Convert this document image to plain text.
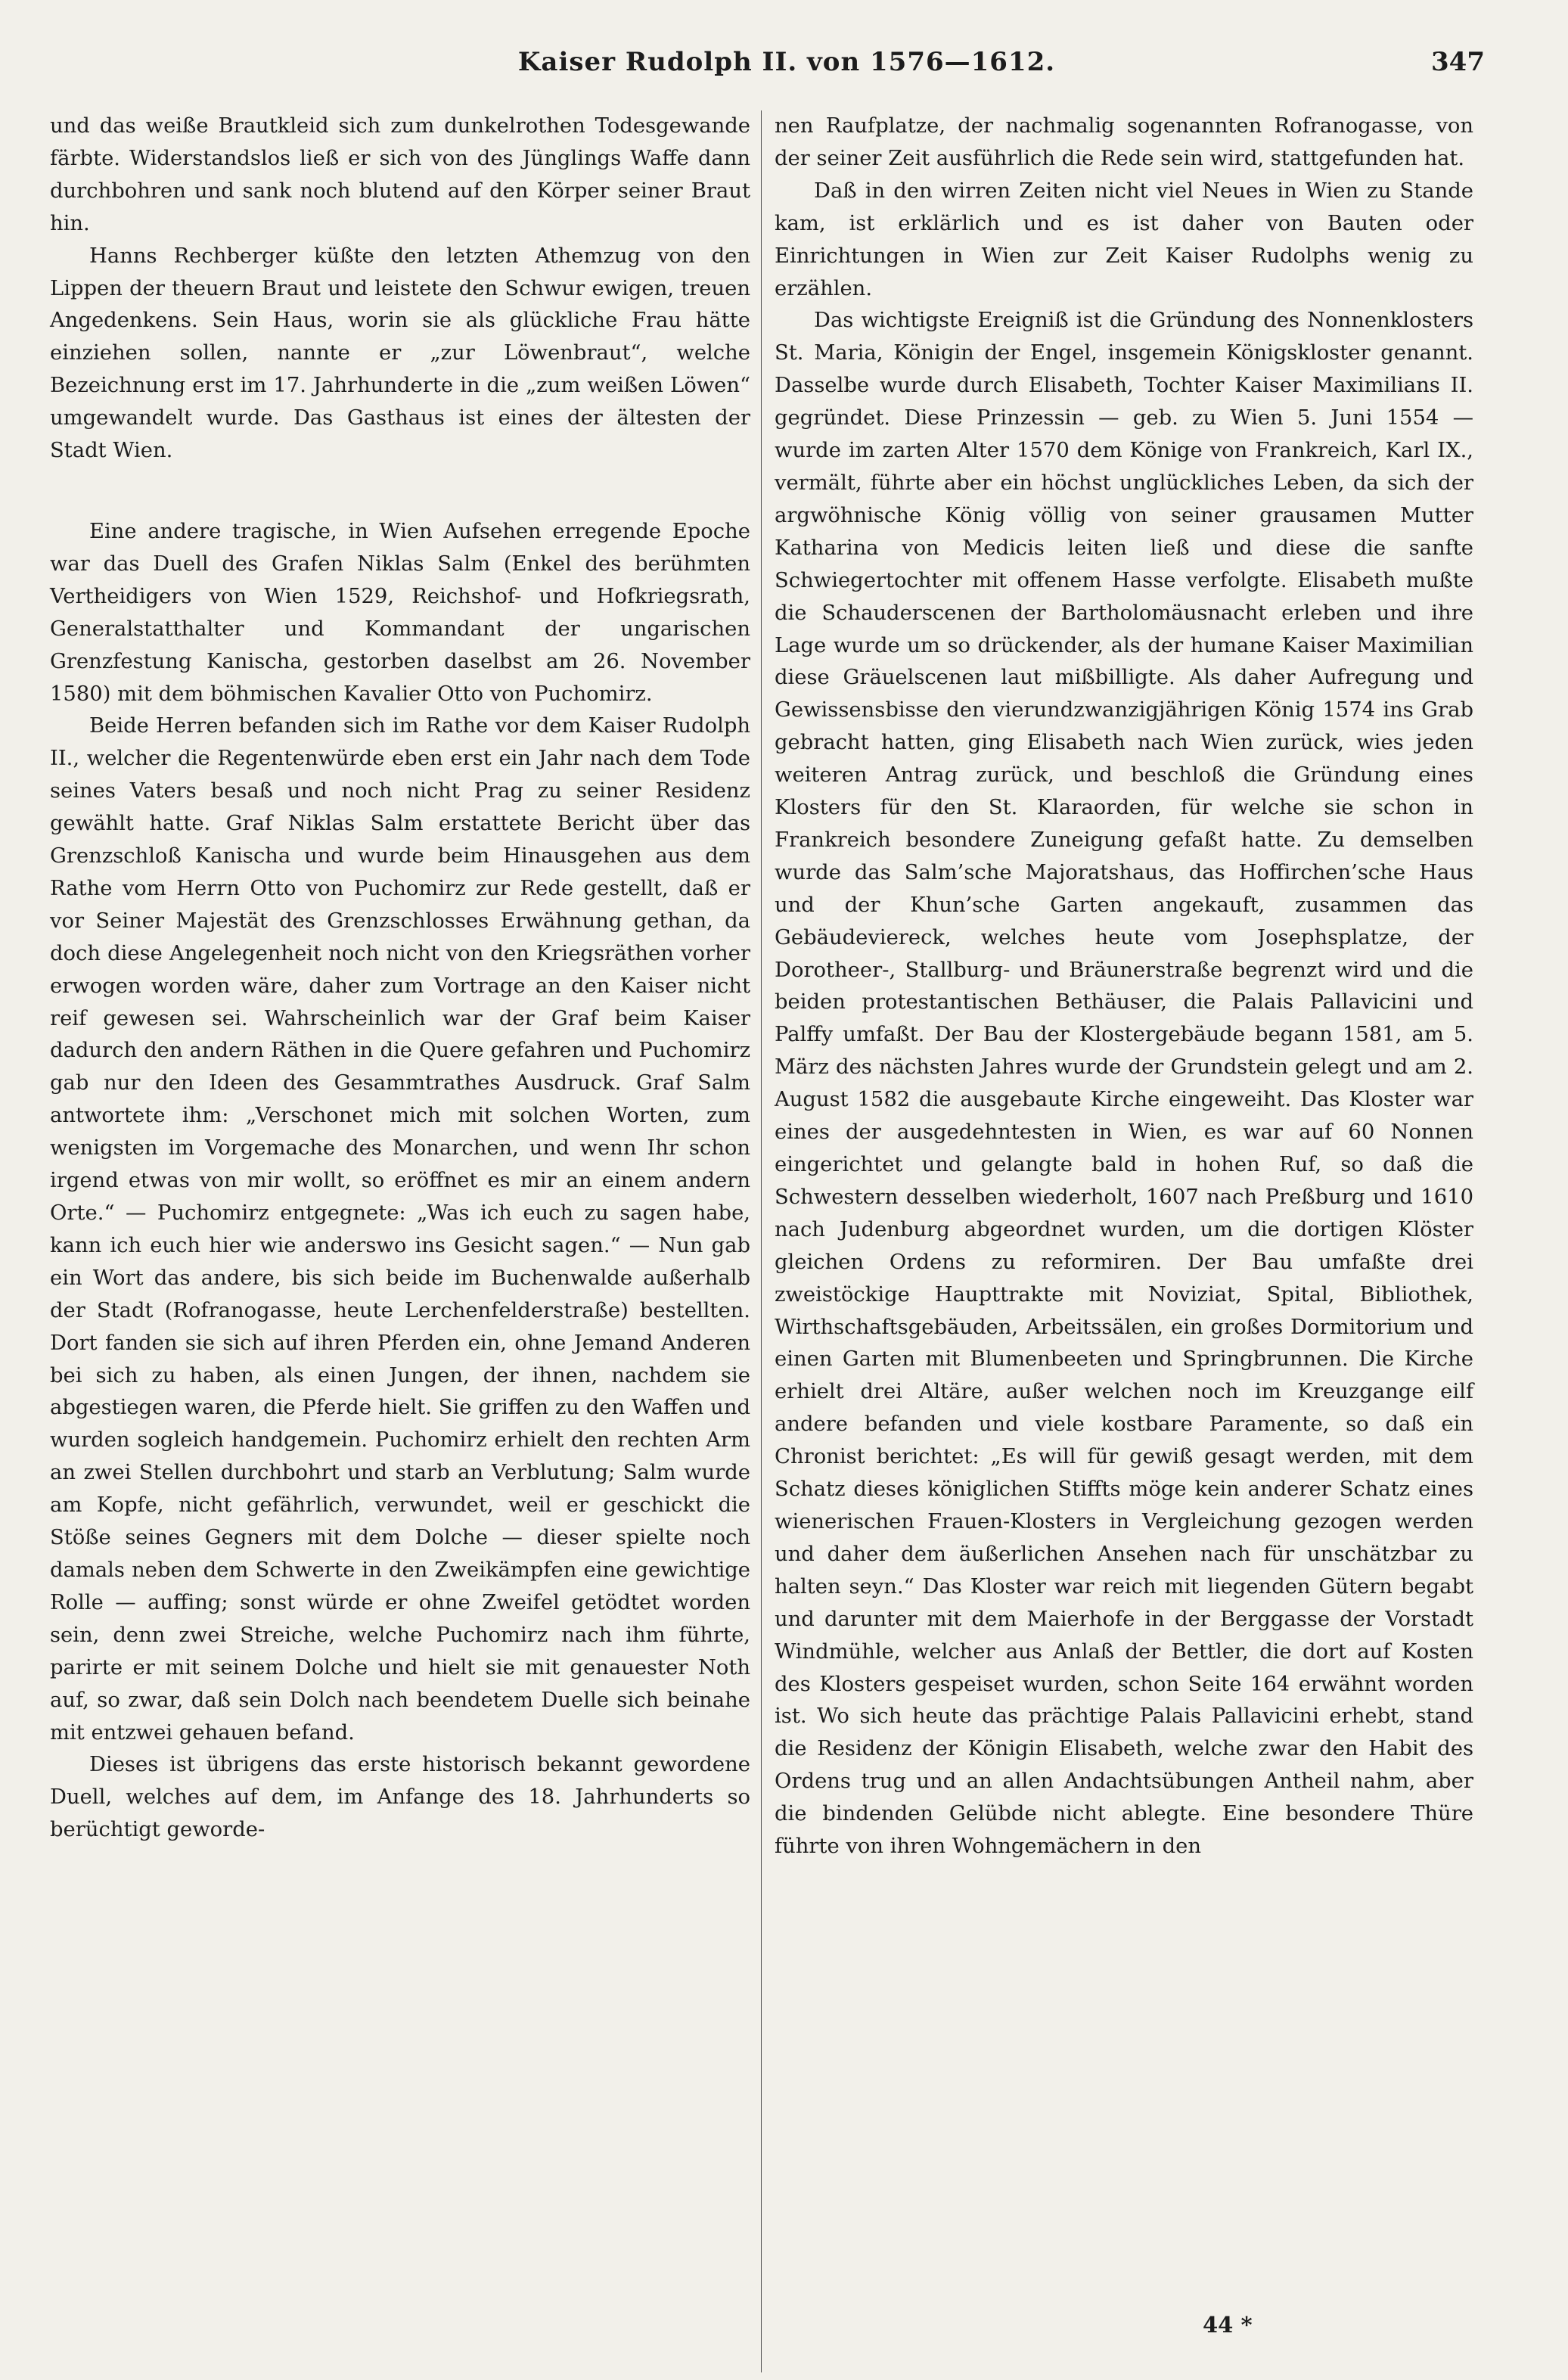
Kaiser Rudolph II. von 1576—1612.	347

und das weiße Brautkleid sich zum dunkelrothen Todesgewande färbte. Widerstandslos ließ er sich von des Jünglings Waffe dann durchbohren und sank noch blutend auf den Körper seiner Braut hin.

Hanns Rechberger küßte den letzten Athemzug von den Lippen der theuern Braut und leistete den Schwur ewigen, treuen Angedenkens. Sein Haus, worin sie als glückliche Frau hätte einziehen sollen, nannte er „zur Löwenbraut“, welche Bezeichnung erst im 17. Jahrhunderte in die „zum weißen Löwen“ umgewandelt wurde. Das Gasthaus ist eines der ältesten der Stadt Wien.

Eine andere tragische, in Wien Aufsehen erregende Epoche war das Duell des Grafen Niklas Salm (Enkel des berühmten Vertheidigers von Wien 1529, Reichshof- und Hofkriegsrath, Generalstatthalter und Kommandant der ungarischen Grenzfestung Kanischa, gestorben daselbst am 26. November 1580) mit dem böhmischen Kavalier Otto von Puchomirz.

Beide Herren befanden sich im Rathe vor dem Kaiser Rudolph II., welcher die Regentenwürde eben erst ein Jahr nach dem Tode seines Vaters besaß und noch nicht Prag zu seiner Residenz gewählt hatte. Graf Niklas Salm erstattete Bericht über das Grenzschloß Kanischa und wurde beim Hinausgehen aus dem Rathe vom Herrn Otto von Puchomirz zur Rede gestellt, daß er vor Seiner Majestät des Grenzschlosses Erwähnung gethan, da doch diese Angelegenheit noch nicht von den Kriegsräthen vorher erwogen worden wäre, daher zum Vortrage an den Kaiser nicht reif gewesen sei. Wahrscheinlich war der Graf beim Kaiser dadurch den andern Räthen in die Quere gefahren und Puchomirz gab nur den Ideen des Gesammtrathes Ausdruck. Graf Salm antwortete ihm: „Verschonet mich mit solchen Worten, zum wenigsten im Vorgemache des Monarchen, und wenn Ihr schon irgend etwas von mir wollt, so eröffnet es mir an einem andern Orte.“ — Puchomirz entgegnete: „Was ich euch zu sagen habe, kann ich euch hier wie anderswo ins Gesicht sagen.“ — Nun gab ein Wort das andere, bis sich beide im Buchenwalde außerhalb der Stadt (Rofranogasse, heute Lerchenfelderstraße) bestellten. Dort fanden sie sich auf ihren Pferden ein, ohne Jemand Anderen bei sich zu haben, als einen Jungen, der ihnen, nachdem sie abgestiegen waren, die Pferde hielt. Sie griffen zu den Waffen und wurden sogleich handgemein. Puchomirz erhielt den rechten Arm an zwei Stellen durchbohrt und starb an Verblutung; Salm wurde am Kopfe, nicht gefährlich, verwundet, weil er geschickt die Stöße seines Gegners mit dem Dolche — dieser spielte noch damals neben dem Schwerte in den Zweikämpfen eine gewichtige Rolle — auffing; sonst würde er ohne Zweifel getödtet worden sein, denn zwei Streiche, welche Puchomirz nach ihm führte, parirte er mit seinem Dolche und hielt sie mit genauester Noth auf, so zwar, daß sein Dolch nach beendetem Duelle sich beinahe mit entzwei gehauen befand.

Dieses ist übrigens das erste historisch bekannt gewordene Duell, welches auf dem, im Anfange des 18. Jahrhunderts so berüchtigt geworde-

nen Raufplatze, der nachmalig sogenannten Rofranogasse, von der seiner Zeit ausführlich die Rede sein wird, stattgefunden hat.

Daß in den wirren Zeiten nicht viel Neues in Wien zu Stande kam, ist erklärlich und es ist daher von Bauten oder Einrichtungen in Wien zur Zeit Kaiser Rudolphs wenig zu erzählen.

Das wichtigste Ereigniß ist die Gründung des Nonnenklosters St. Maria, Königin der Engel, insgemein Königskloster genannt. Dasselbe wurde durch Elisabeth, Tochter Kaiser Maximilians II. gegründet. Diese Prinzessin — geb. zu Wien 5. Juni 1554 — wurde im zarten Alter 1570 dem Könige von Frankreich, Karl IX., vermält, führte aber ein höchst unglückliches Leben, da sich der argwöhnische König völlig von seiner grausamen Mutter Katharina von Medicis leiten ließ und diese die sanfte Schwiegertochter mit offenem Hasse verfolgte. Elisabeth mußte die Schauderscenen der Bartholomäusnacht erleben und ihre Lage wurde um so drückender, als der humane Kaiser Maximilian diese Gräuelscenen laut mißbilligte. Als daher Aufregung und Gewissensbisse den vierundzwanzigjährigen König 1574 ins Grab gebracht hatten, ging Elisabeth nach Wien zurück, wies jeden weiteren Antrag zurück, und beschloß die Gründung eines Klosters für den St. Klaraorden, für welche sie schon in Frankreich besondere Zuneigung gefaßt hatte. Zu demselben wurde das Salm’sche Majoratshaus, das Hoffirchen’sche Haus und der Khun’sche Garten angekauft, zusammen das Gebäudeviereck, welches heute vom Josephsplatze, der Dorotheer-, Stallburg- und Bräunerstraße begrenzt wird und die beiden protestantischen Bethäuser, die Palais Pallavicini und Palffy umfaßt. Der Bau der Klostergebäude begann 1581, am 5. März des nächsten Jahres wurde der Grundstein gelegt und am 2. August 1582 die ausgebaute Kirche eingeweiht. Das Kloster war eines der ausgedehntesten in Wien, es war auf 60 Nonnen eingerichtet und gelangte bald in hohen Ruf, so daß die Schwestern desselben wiederholt, 1607 nach Preßburg und 1610 nach Judenburg abgeordnet wurden, um die dortigen Klöster gleichen Ordens zu reformiren. Der Bau umfaßte drei zweistöckige Haupttrakte mit Noviziat, Spital, Bibliothek, Wirthschaftsgebäuden, Arbeitssälen, ein großes Dormitorium und einen Garten mit Blumenbeeten und Springbrunnen. Die Kirche erhielt drei Altäre, außer welchen noch im Kreuzgange eilf andere befanden und viele kostbare Paramente, so daß ein Chronist berichtet: „Es will für gewiß gesagt werden, mit dem Schatz dieses königlichen Stiffts möge kein anderer Schatz eines wienerischen Frauen-Klosters in Vergleichung gezogen werden und daher dem äußerlichen Ansehen nach für unschätzbar zu halten seyn.“ Das Kloster war reich mit liegenden Gütern begabt und darunter mit dem Maierhofe in der Berggasse der Vorstadt Windmühle, welcher aus Anlaß der Bettler, die dort auf Kosten des Klosters gespeiset wurden, schon Seite 164 erwähnt worden ist. Wo sich heute das prächtige Palais Pallavicini erhebt, stand die Residenz der Königin Elisabeth, welche zwar den Habit des Ordens trug und an allen Andachtsübungen Antheil nahm, aber die bindenden Gelübde nicht ablegte. Eine besondere Thüre führte von ihren Wohngemächern in den

44 *
